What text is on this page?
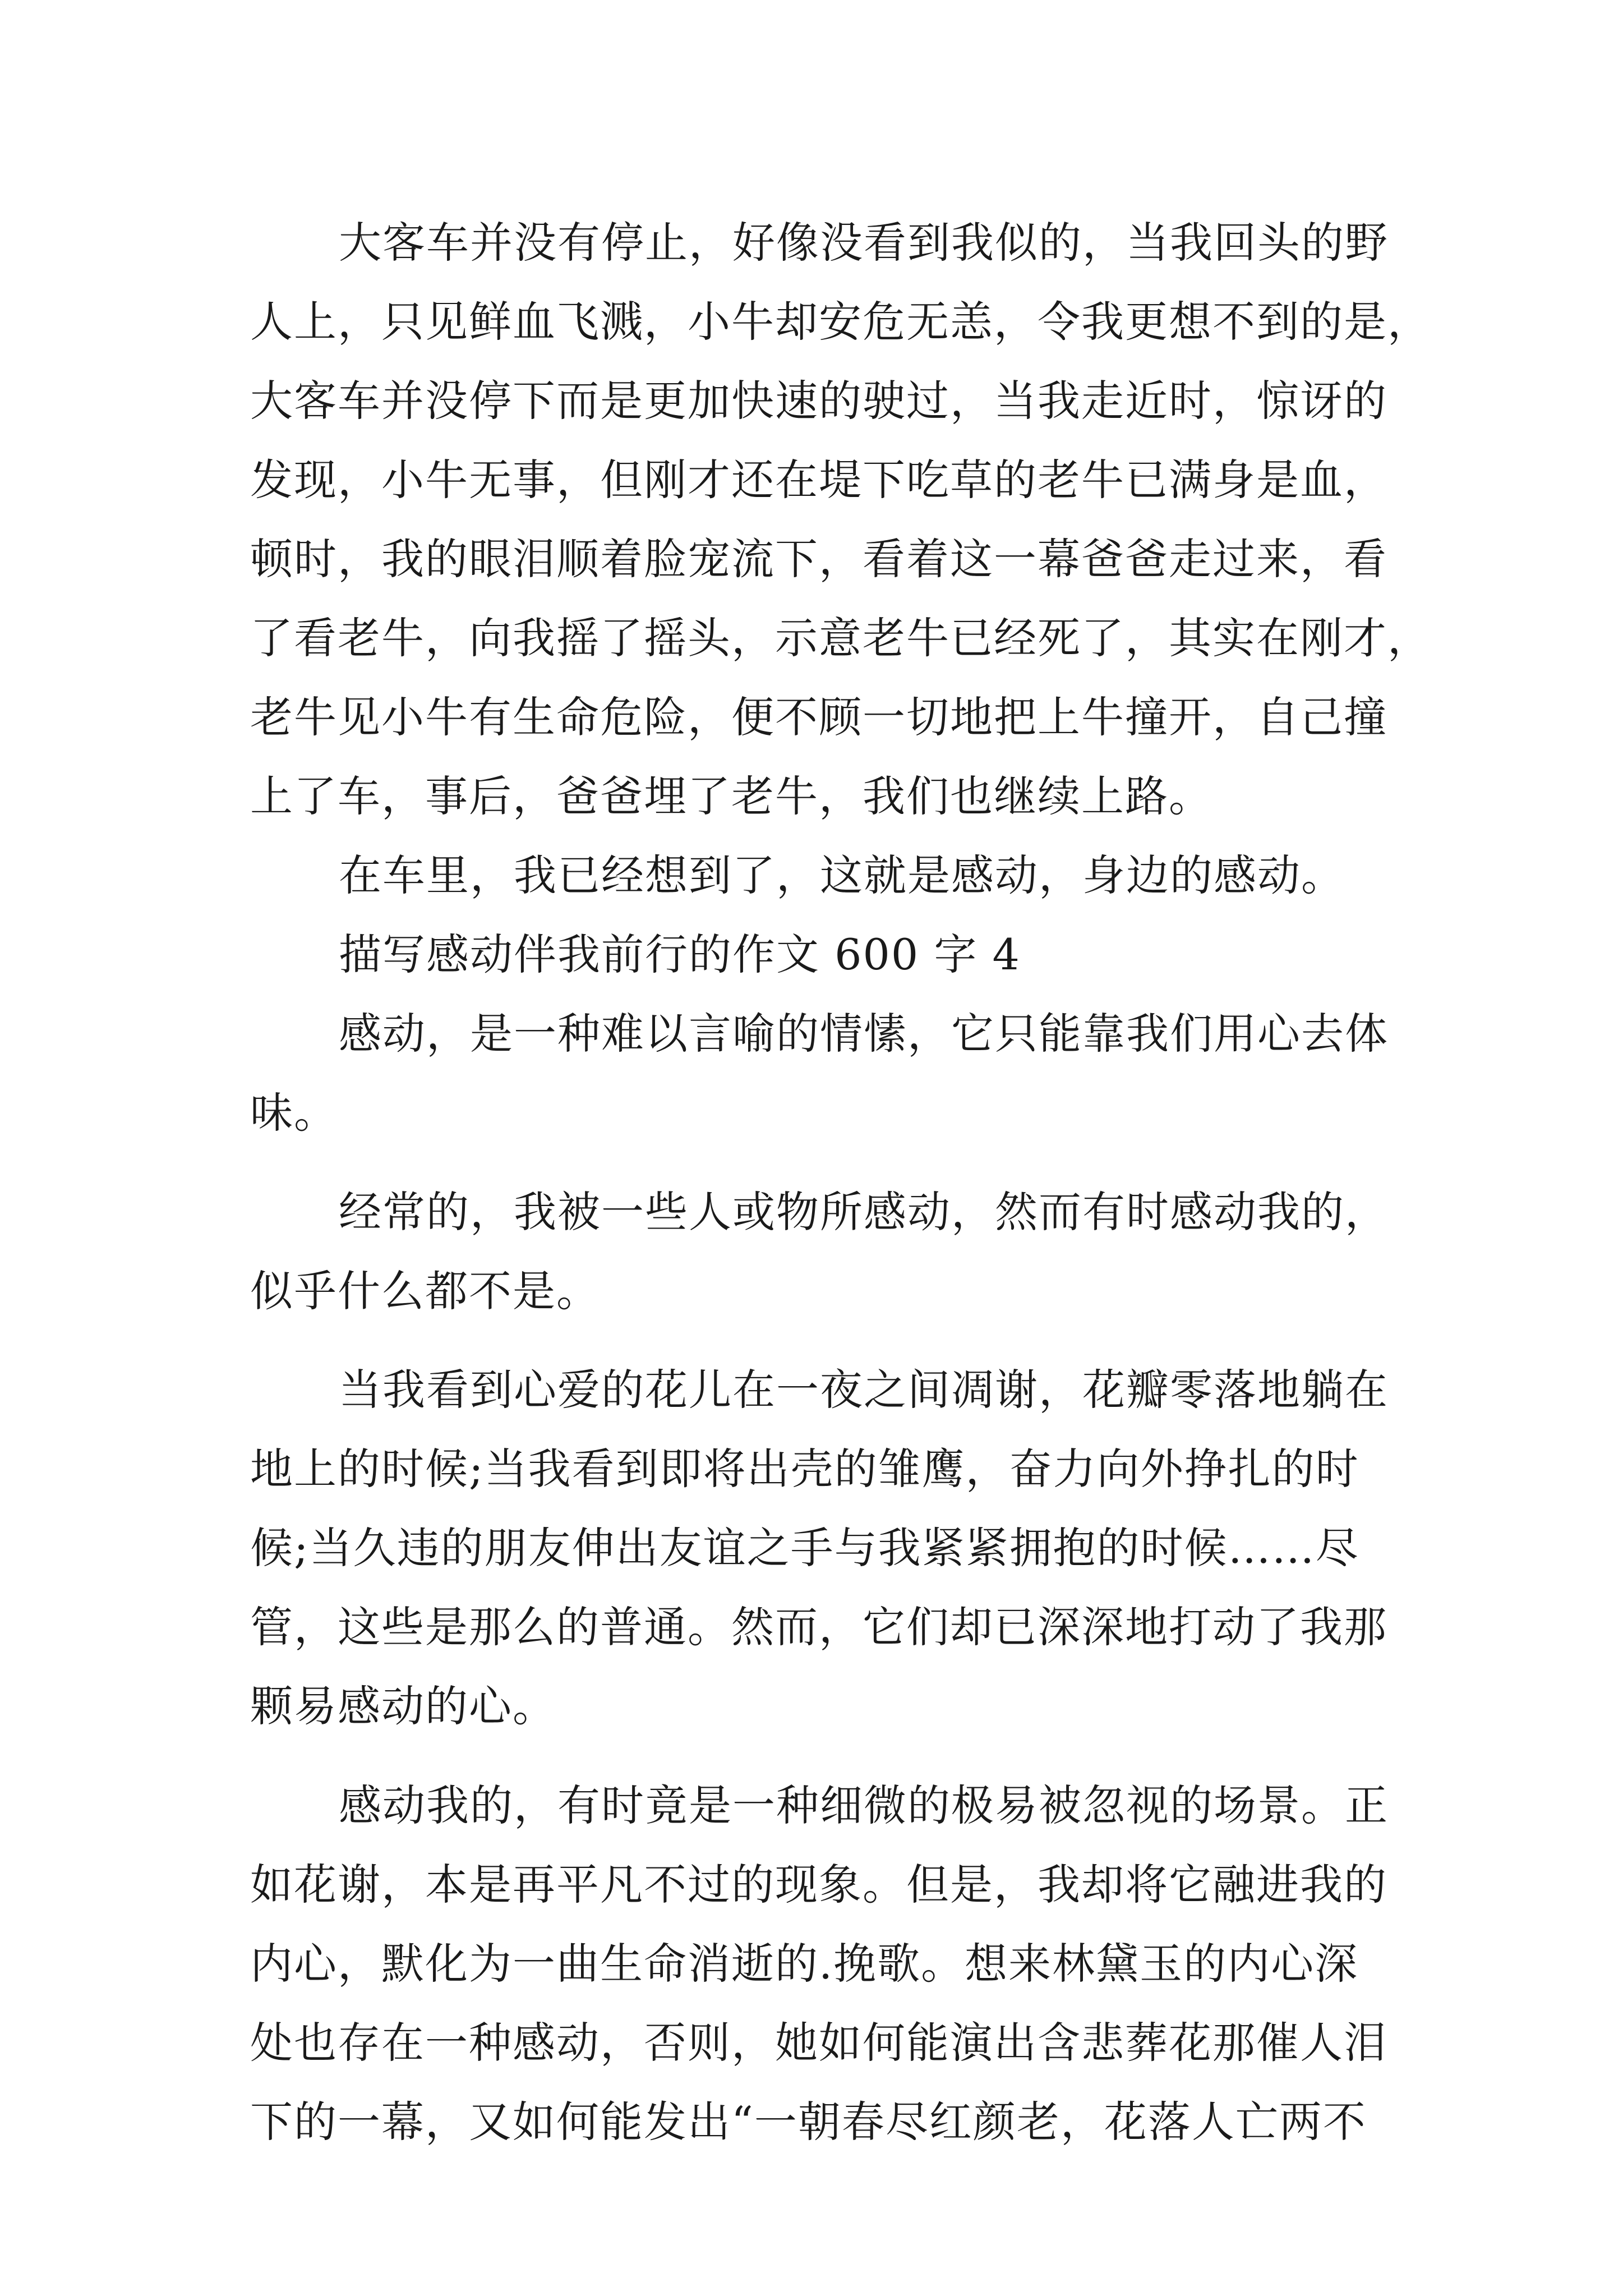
大客车并没有停止，好像没看到我似的，当我回头的野
人上，只见鲜血飞溅，小牛却安危无恙，令我更想不到的是，
大客车并没停下而是更加快速的驶过，当我走近时，惊讶的
发现，小牛无事，但刚才还在堤下吃草的老牛已满身是血，
顿时，我的眼泪顺着脸宠流下，看着这一幕爸爸走过来，看
了看老牛，向我摇了摇头，示意老牛已经死了，其实在刚才，
老牛见小牛有生命危险，便不顾一切地把上牛撞开，自己撞
上了车，事后，爸爸埋了老牛，我们也继续上路。
在车里，我已经想到了，这就是感动，身边的感动。
描写感动伴我前行的作文 600 字 4
感动，是一种难以言喻的情愫，它只能靠我们用心去体
味。
经常的，我被一些人或物所感动，然而有时感动我的，
似乎什么都不是。
当我看到心爱的花儿在一夜之间凋谢，花瓣零落地躺在
地上的时候;当我看到即将出壳的雏鹰，奋力向外挣扎的时
候;当久违的朋友伸出友谊之手与我紧紧拥抱的时候……尽
管，这些是那么的普通。然而，它们却已深深地打动了我那
颗易感动的心。
感动我的，有时竟是一种细微的极易被忽视的场景。正
如花谢，本是再平凡不过的现象。但是，我却将它融进我的
内心，默化为一曲生命消逝的.挽歌。想来林黛玉的内心深
处也存在一种感动，否则，她如何能演出含悲葬花那催人泪
下的一幕，又如何能发出“一朝春尽红颜老，花落人亡两不
